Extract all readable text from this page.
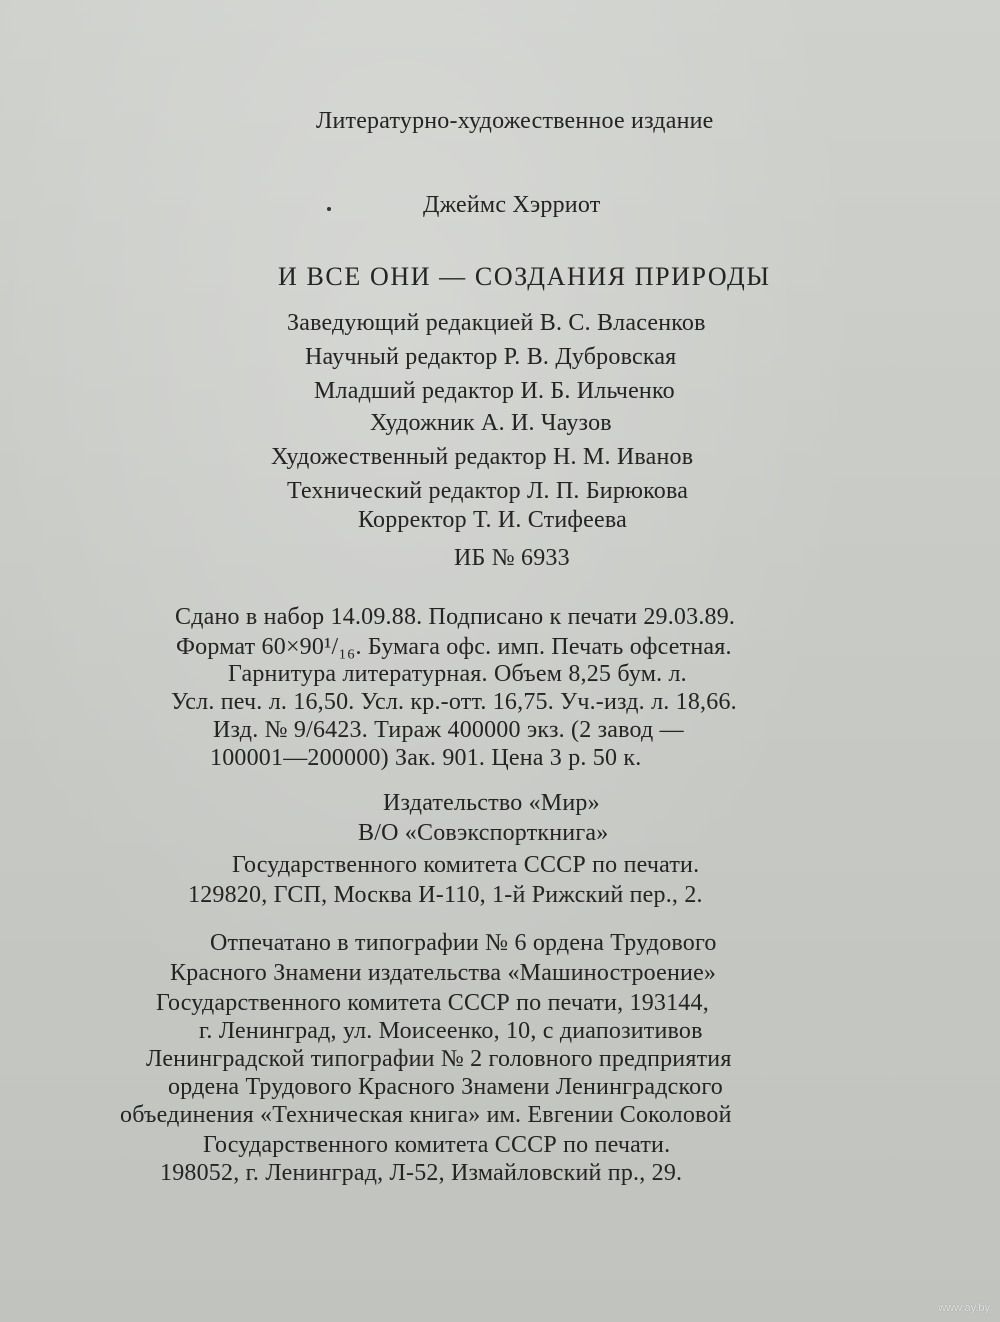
Литературно-художественное издание
Джеймс Хэрриот
И ВСЕ ОНИ — СОЗДАНИЯ ПРИРОДЫ
Заведующий редакцией В. С. Власенков
Научный редактор Р. В. Дубровская
Младший редактор И. Б. Ильченко
Художник А. И. Чаузов
Художественный редактор Н. М. Иванов
Технический редактор Л. П. Бирюкова
Корректор Т. И. Стифеева
ИБ № 6933
Сдано в набор 14.09.88. Подписано к печати 29.03.89.
Формат 60×90¹/₁₆. Бумага офс. имп. Печать офсетная.
Гарнитура литературная. Объем 8,25 бум. л.
Усл. печ. л. 16,50. Усл. кр.-отт. 16,75. Уч.-изд. л. 18,66.
Изд. № 9/6423. Тираж 400000 экз. (2 завод —
100001—200000) Зак. 901. Цена 3 р. 50 к.
Издательство «Мир»
В/О «Совэкспорткнига»
Государственного комитета СССР по печати.
129820, ГСП, Москва И-110, 1-й Рижский пер., 2.
Отпечатано в типографии № 6 ордена Трудового
Красного Знамени издательства «Машиностроение»
Государственного комитета СССР по печати, 193144,
г. Ленинград, ул. Моисеенко, 10, с диапозитивов
Ленинградской типографии № 2 головного предприятия
ордена Трудового Красного Знамени Ленинградского
объединения «Техническая книга» им. Евгении Соколовой
Государственного комитета СССР по печати.
198052, г. Ленинград, Л-52, Измайловский пр., 29.
www.ay.by
